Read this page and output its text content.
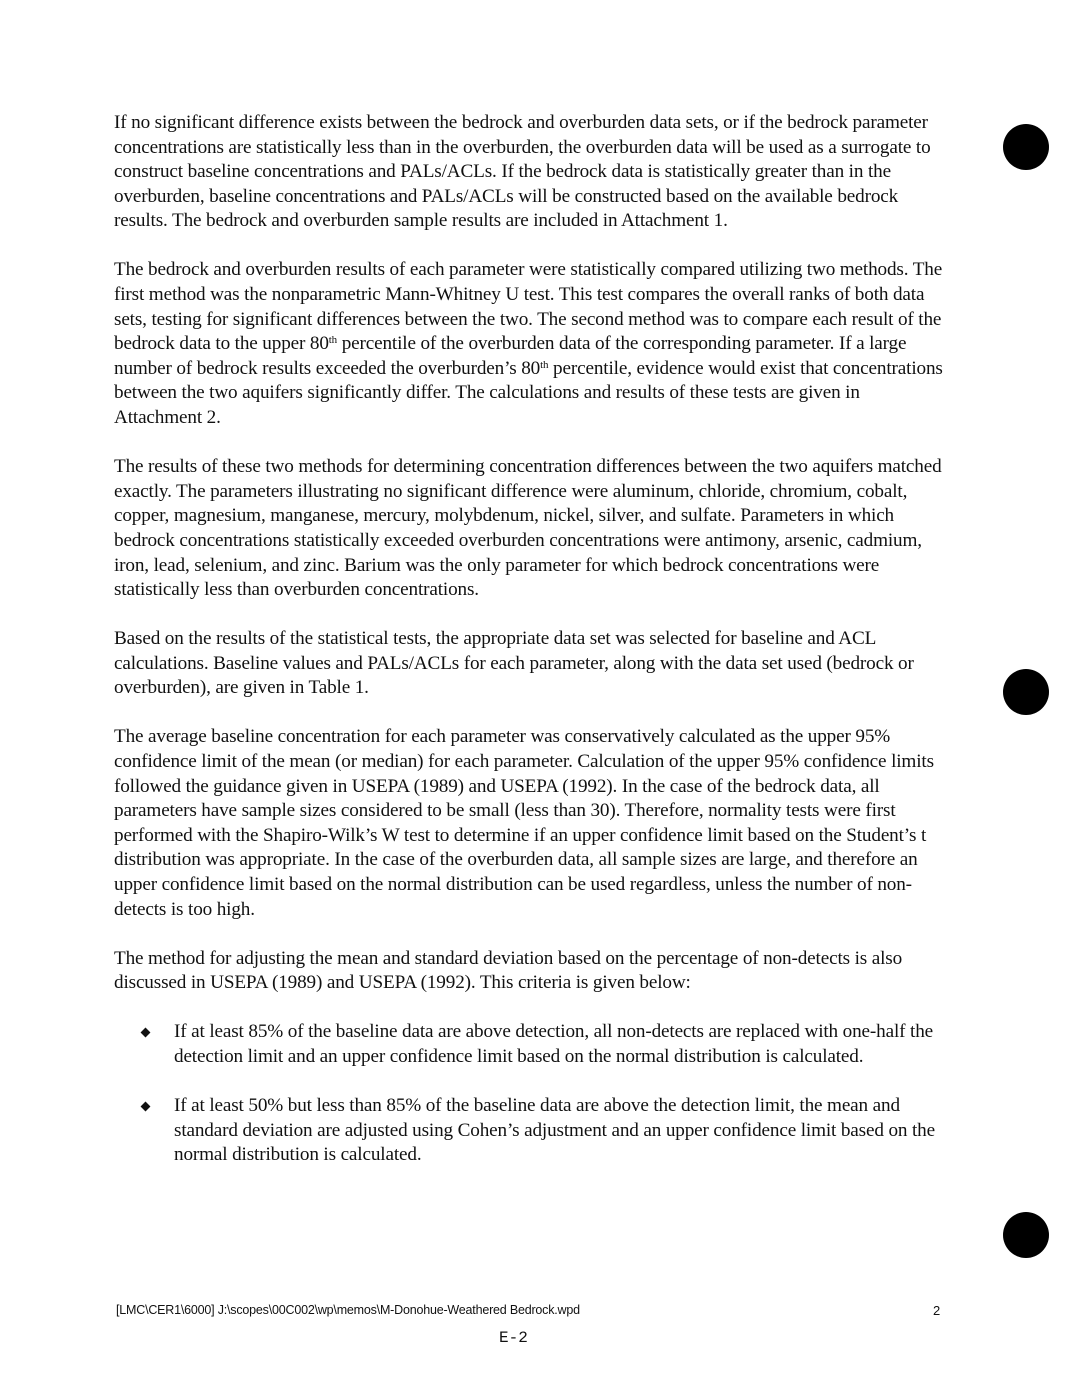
If no significant difference exists between the bedrock and overburden data sets, or if the bedrock parameter concentrations are statistically less than in the overburden, the overburden data will be used as a surrogate to construct baseline concentrations and PALs/ACLs. If the bedrock data is statistically greater than in the overburden, baseline concentrations and PALs/ACLs will be constructed based on the available bedrock results. The bedrock and overburden sample results are included in Attachment 1.

The bedrock and overburden results of each parameter were statistically compared utilizing two methods. The first method was the nonparametric Mann-Whitney U test. This test compares the overall ranks of both data sets, testing for significant differences between the two. The second method was to compare each result of the bedrock data to the upper 80th percentile of the overburden data of the corresponding parameter. If a large number of bedrock results exceeded the overburden’s 80th percentile, evidence would exist that concentrations between the two aquifers significantly differ. The calculations and results of these tests are given in Attachment 2.

The results of these two methods for determining concentration differences between the two aquifers matched exactly. The parameters illustrating no significant difference were aluminum, chloride, chromium, cobalt, copper, magnesium, manganese, mercury, molybdenum, nickel, silver, and sulfate. Parameters in which bedrock concentrations statistically exceeded overburden concentrations were antimony, arsenic, cadmium, iron, lead, selenium, and zinc. Barium was the only parameter for which bedrock concentrations were statistically less than overburden concentrations.

Based on the results of the statistical tests, the appropriate data set was selected for baseline and ACL calculations. Baseline values and PALs/ACLs for each parameter, along with the data set used (bedrock or overburden), are given in Table 1.

The average baseline concentration for each parameter was conservatively calculated as the upper 95% confidence limit of the mean (or median) for each parameter. Calculation of the upper 95% confidence limits followed the guidance given in USEPA (1989) and USEPA (1992). In the case of the bedrock data, all parameters have sample sizes considered to be small (less than 30). Therefore, normality tests were first performed with the Shapiro-Wilk’s W test to determine if an upper confidence limit based on the Student’s t distribution was appropriate. In the case of the overburden data, all sample sizes are large, and therefore an upper confidence limit based on the normal distribution can be used regardless, unless the number of non-detects is too high.

The method for adjusting the mean and standard deviation based on the percentage of non-detects is also discussed in USEPA (1989) and USEPA (1992). This criteria is given below:

If at least 85% of the baseline data are above detection, all non-detects are replaced with one-half the detection limit and an upper confidence limit based on the normal distribution is calculated.
If at least 50% but less than 85% of the baseline data are above the detection limit, the mean and standard deviation are adjusted using Cohen’s adjustment and an upper confidence limit based on the normal distribution is calculated.
[LMC\CER1\6000] J:\scopes\00C002\wp\memos\M-Donohue-Weathered Bedrock.wpd	2
E-2
